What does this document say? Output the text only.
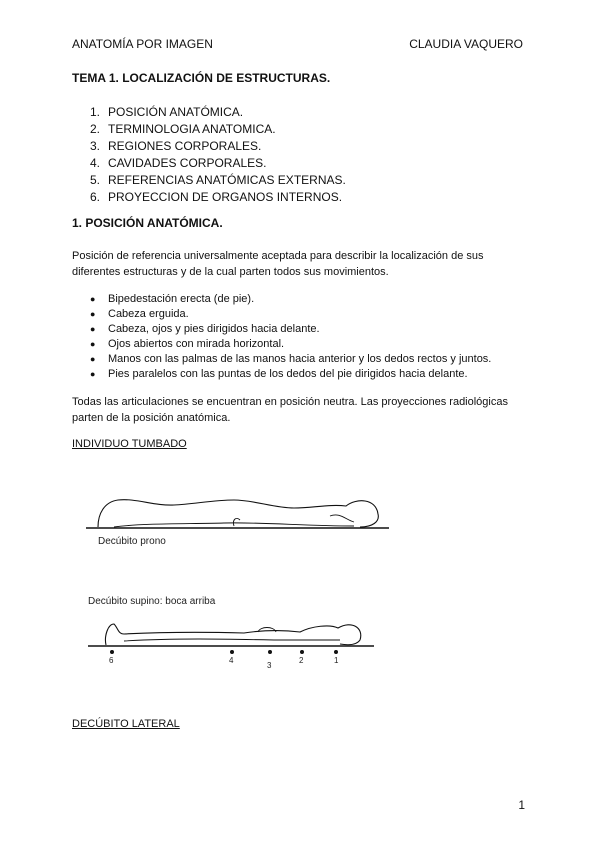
ANATOMÍA POR IMAGEN	CLAUDIA VAQUERO
TEMA 1. LOCALIZACIÓN DE ESTRUCTURAS.
1. POSICIÓN ANATÓMICA.
2. TERMINOLOGIA ANATOMICA.
3. REGIONES CORPORALES.
4. CAVIDADES CORPORALES.
5. REFERENCIAS ANATÓMICAS EXTERNAS.
6. PROYECCION DE ORGANOS INTERNOS.
1. POSICIÓN ANATÓMICA.
Posición de referencia universalmente aceptada para describir la localización de sus diferentes estructuras y de la cual parten todos sus movimientos.
● Bipedestación erecta (de pie).
● Cabeza erguida.
● Cabeza, ojos y pies dirigidos hacia delante.
● Ojos abiertos con mirada horizontal.
● Manos con las palmas de las manos hacia anterior y los dedos rectos y juntos.
● Pies paralelos con las puntas de los dedos del pie dirigidos hacia delante.
Todas las articulaciones se encuentran en posición neutra. Las proyecciones radiológicas parten de la posición anatómica.
INDIVIDUO TUMBADO
Decúbito prono
Decúbito supino: boca arriba
6	4
3
2	1
DECÚBITO LATERAL
1
